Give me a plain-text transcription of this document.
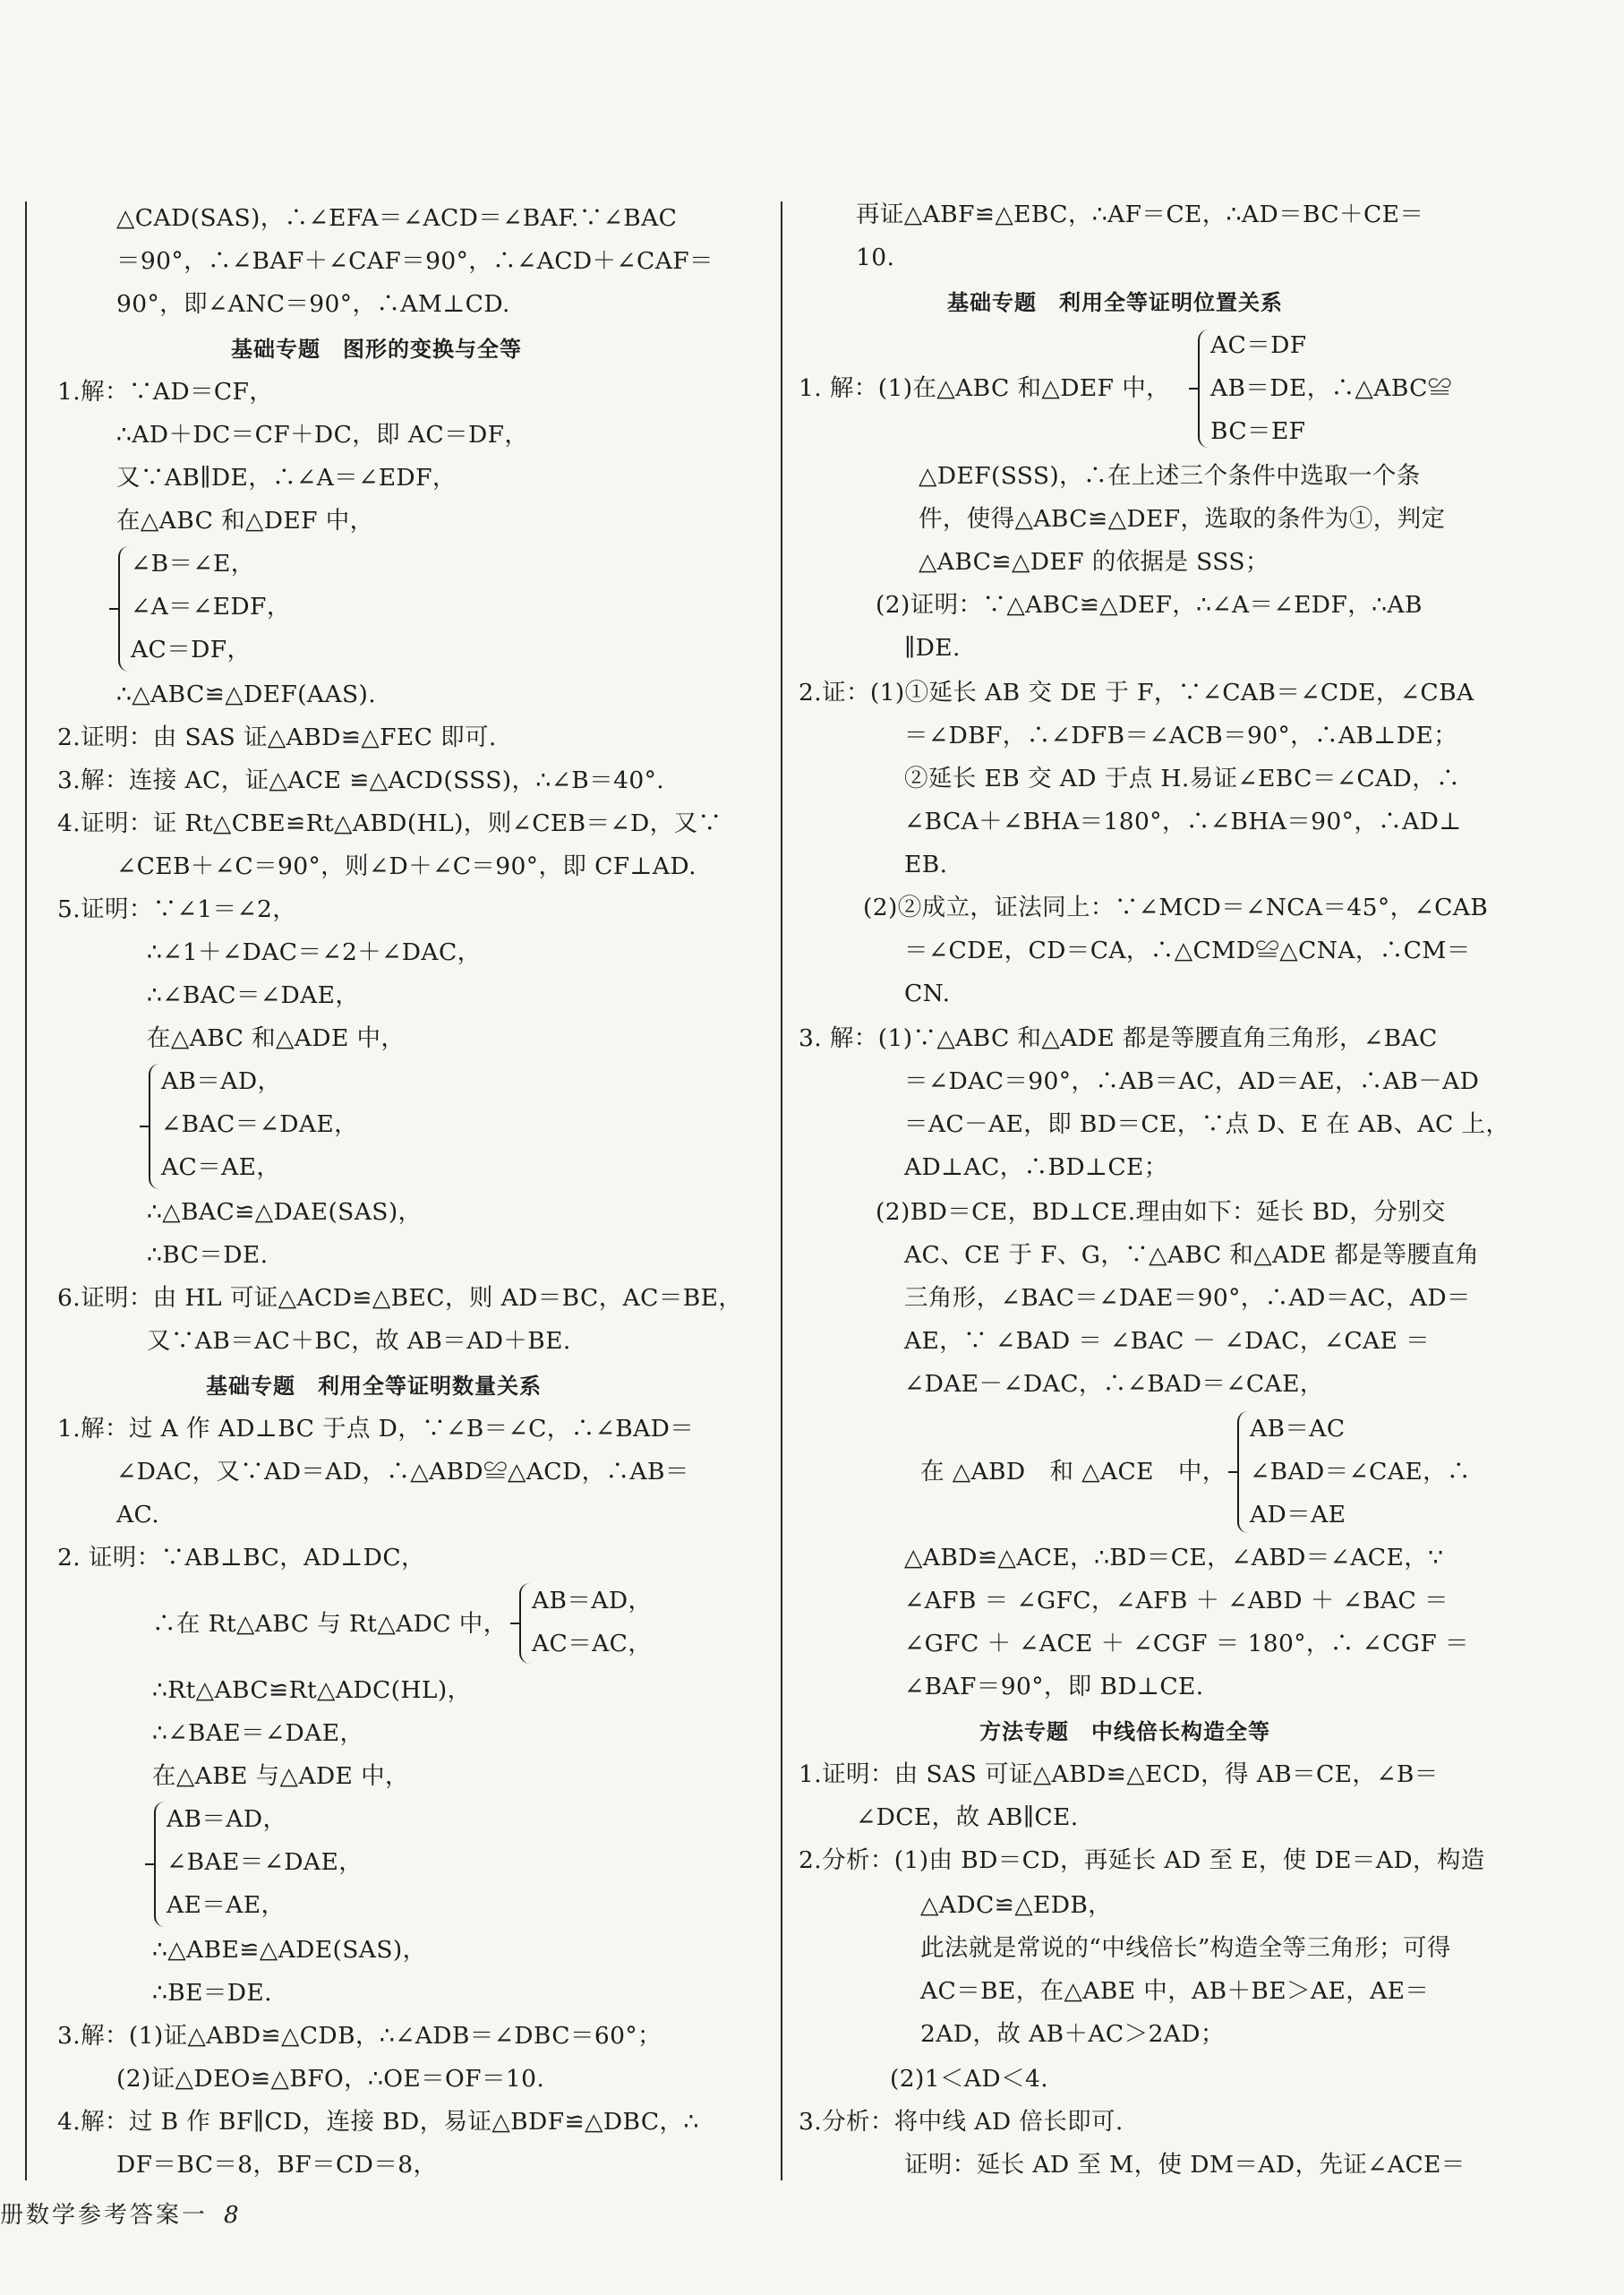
△CAD(SAS)，∴∠EFA＝∠ACD＝∠BAF.∵∠BAC
＝90°，∴∠BAF＋∠CAF＝90°，∴∠ACD＋∠CAF＝
90°，即∠ANC＝90°，∴AM⊥CD.
基础专题　图形的变换与全等
1.解：∵AD＝CF，
∴AD＋DC＝CF＋DC，即 AC＝DF，
又∵AB∥DE，∴∠A＝∠EDF，
在△ABC 和△DEF 中，
∠B＝∠E，
∠A＝∠EDF，
AC＝DF，
∴△ABC≌△DEF(AAS).
2.证明：由 SAS 证△ABD≌△FEC 即可.
3.解：连接 AC，证△ACE ≌△ACD(SSS)，∴∠B＝40°.
4.证明：证 Rt△CBE≌Rt△ABD(HL)，则∠CEB＝∠D，又∵
∠CEB＋∠C＝90°，则∠D＋∠C＝90°，即 CF⊥AD.
5.证明：∵∠1＝∠2，
∴∠1＋∠DAC＝∠2＋∠DAC，
∴∠BAC＝∠DAE，
在△ABC 和△ADE 中，
AB＝AD，
∠BAC＝∠DAE，
AC＝AE，
∴△BAC≌△DAE(SAS)，
∴BC＝DE.
6.证明：由 HL 可证△ACD≌△BEC，则 AD＝BC，AC＝BE，
又∵AB＝AC＋BC，故 AB＝AD＋BE.
基础专题　利用全等证明数量关系
1.解：过 A 作 AD⊥BC 于点 D，∵∠B＝∠C，∴∠BAD＝
∠DAC，又∵AD＝AD，∴△ABD≌△ACD，∴AB＝
AC.
2. 证明：∵AB⊥BC，AD⊥DC，
∴在 Rt△ABC 与 Rt△ADC 中，
AB＝AD，
AC＝AC，
∴Rt△ABC≌Rt△ADC(HL)，
∴∠BAE＝∠DAE，
在△ABE 与△ADE 中，
AB＝AD，
∠BAE＝∠DAE，
AE＝AE，
∴△ABE≌△ADE(SAS)，
∴BE＝DE.
3.解：(1)证△ABD≌△CDB，∴∠ADB＝∠DBC＝60°；
(2)证△DEO≌△BFO，∴OE＝OF＝10.
4.解：过 B 作 BF∥CD，连接 BD，易证△BDF≌△DBC，∴
DF＝BC＝8，BF＝CD＝8，
册数学参考答案一 8
再证△ABF≌△EBC，∴AF＝CE，∴AD＝BC＋CE＝
10.
基础专题　利用全等证明位置关系
AC＝DF
1. 解：(1)在△ABC 和△DEF 中， AB＝DE，∴△ABC≌
BC＝EF
△DEF(SSS)，∴在上述三个条件中选取一个条
件，使得△ABC≌△DEF，选取的条件为①，判定
△ABC≌△DEF 的依据是 SSS；
(2)证明：∵△ABC≌△DEF，∴∠A＝∠EDF，∴AB
∥DE.
2.证：(1)①延长 AB 交 DE 于 F，∵∠CAB＝∠CDE，∠CBA
＝∠DBF，∴∠DFB＝∠ACB＝90°，∴AB⊥DE；
②延长 EB 交 AD 于点 H.易证∠EBC＝∠CAD，∴
∠BCA＋∠BHA＝180°，∴∠BHA＝90°，∴AD⊥
EB.
(2)②成立，证法同上：∵∠MCD＝∠NCA＝45°，∠CAB
＝∠CDE，CD＝CA，∴△CMD≌△CNA，∴CM＝
CN.
3. 解：(1)∵△ABC 和△ADE 都是等腰直角三角形，∠BAC
＝∠DAC＝90°，∴AB＝AC，AD＝AE，∴AB－AD
＝AC－AE，即 BD＝CE，∵点 D、E 在 AB、AC 上，
AD⊥AC，∴BD⊥CE；
(2)BD＝CE，BD⊥CE.理由如下：延长 BD，分别交
AC、CE 于 F、G，∵△ABC 和△ADE 都是等腰直角
三角形，∠BAC＝∠DAE＝90°，∴AD＝AC，AD＝
AE，∵ ∠BAD ＝ ∠BAC － ∠DAC，∠CAE ＝
∠DAE－∠DAC，∴∠BAD＝∠CAE，
AB＝AC
在 △ABD　和 △ACE　中， ∠BAD＝∠CAE，∴
AD＝AE
△ABD≌△ACE，∴BD＝CE，∠ABD＝∠ACE，∵
∠AFB ＝ ∠GFC，∠AFB ＋ ∠ABD ＋ ∠BAC ＝
∠GFC ＋ ∠ACE ＋ ∠CGF ＝ 180°，∴ ∠CGF ＝
∠BAF＝90°，即 BD⊥CE.
方法专题　中线倍长构造全等
1.证明：由 SAS 可证△ABD≌△ECD，得 AB＝CE，∠B＝
∠DCE，故 AB∥CE.
2.分析：(1)由 BD＝CD，再延长 AD 至 E，使 DE＝AD，构造
△ADC≌△EDB，
此法就是常说的“中线倍长”构造全等三角形；可得
AC＝BE，在△ABE 中，AB＋BE＞AE，AE＝
2AD，故 AB＋AC＞2AD；
(2)1＜AD＜4.
3.分析：将中线 AD 倍长即可.
证明：延长 AD 至 M，使 DM＝AD，先证∠ACE＝
